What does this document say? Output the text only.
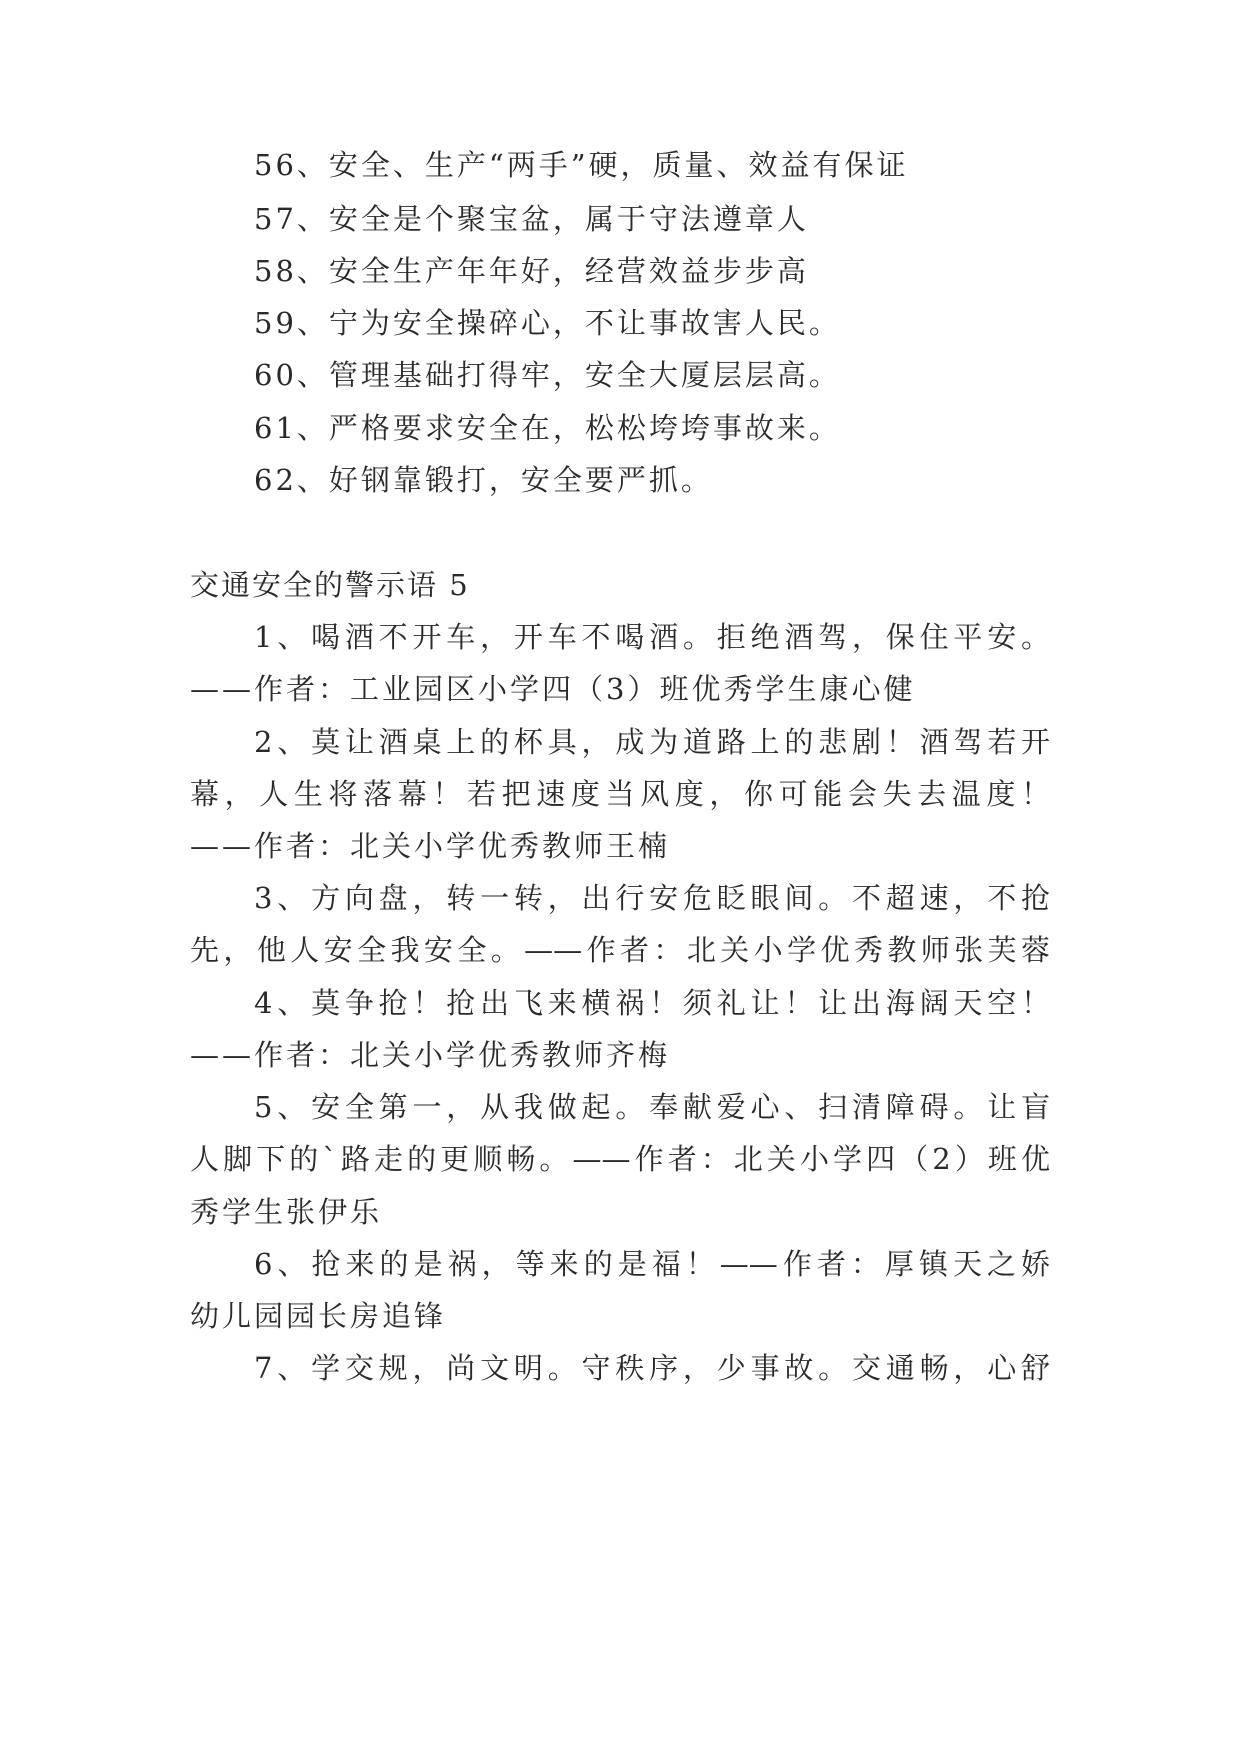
56、安全、生产“两手”硬，质量、效益有保证
57、安全是个聚宝盆，属于守法遵章人
58、安全生产年年好，经营效益步步高
59、宁为安全操碎心，不让事故害人民。
60、管理基础打得牢，安全大厦层层高。
61、严格要求安全在，松松垮垮事故来。
62、好钢靠锻打，安全要严抓。
交通安全的警示语 5
1、喝酒不开车，开车不喝酒。拒绝酒驾，保住平安。
——作者：工业园区小学四（3）班优秀学生康心健
2、莫让酒桌上的杯具，成为道路上的悲剧！酒驾若开
幕，人生将落幕！若把速度当风度，你可能会失去温度！
——作者：北关小学优秀教师王楠
3、方向盘，转一转，出行安危眨眼间。不超速，不抢
先，他人安全我安全。——作者：北关小学优秀教师张芙蓉
4、莫争抢！抢出飞来横祸！须礼让！让出海阔天空！
——作者：北关小学优秀教师齐梅
5、安全第一，从我做起。奉献爱心、扫清障碍。让盲
人脚下的`路走的更顺畅。——作者：北关小学四（2）班优
秀学生张伊乐
6、抢来的是祸，等来的是福！——作者：厚镇天之娇
幼儿园园长房追锋
7、学交规，尚文明。守秩序，少事故。交通畅，心舒
